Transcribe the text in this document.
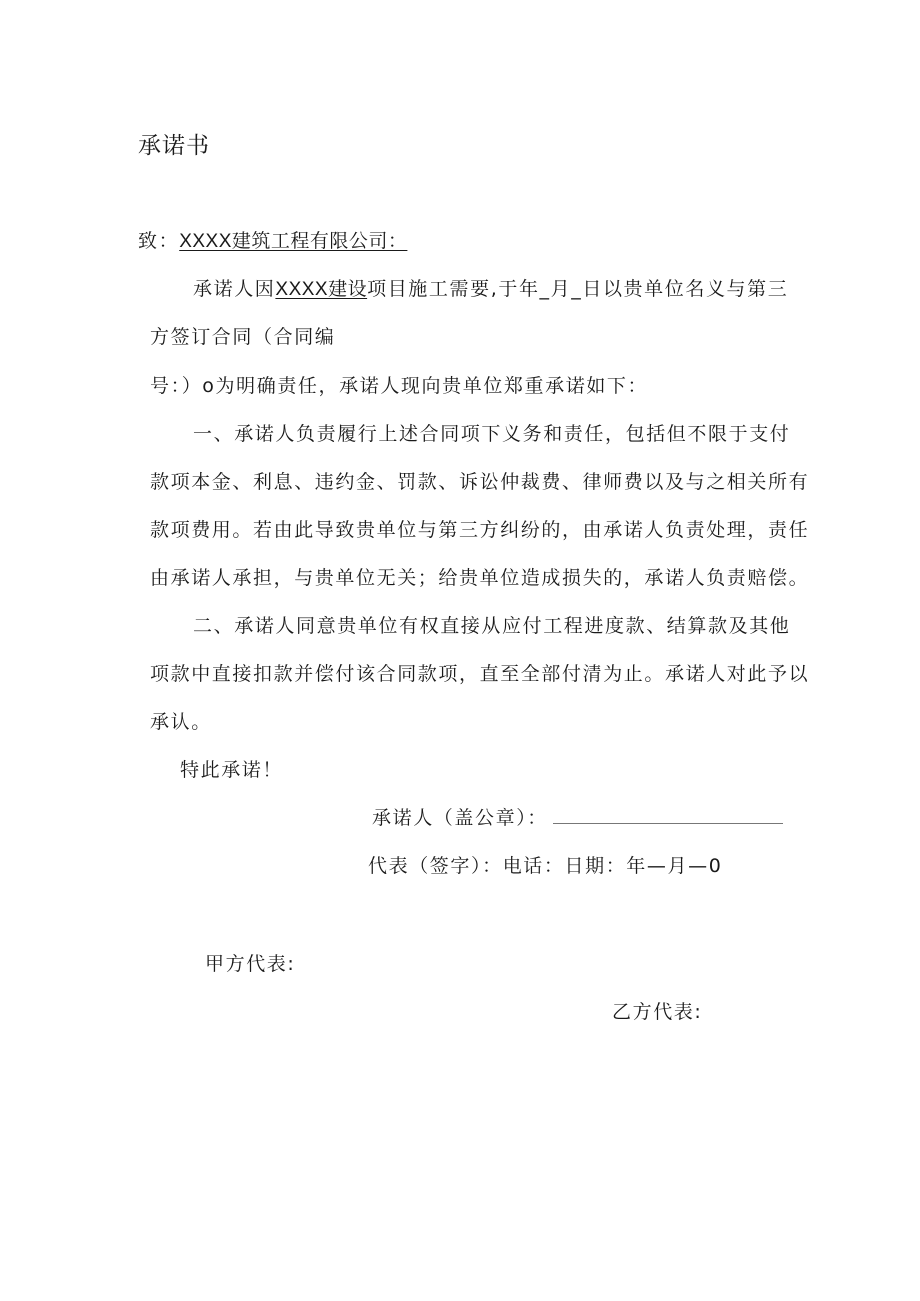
承诺书
致：XXXX建筑工程有限公司：
承诺人因XXXX建设项目施工需要,于年_月_日以贵单位名义与第三
方签订合同（合同编
号：）o为明确责任，承诺人现向贵单位郑重承诺如下：
一、承诺人负责履行上述合同项下义务和责任，包括但不限于支付
款项本金、利息、违约金、罚款、诉讼仲裁费、律师费以及与之相关所有
款项费用。若由此导致贵单位与第三方纠纷的，由承诺人负责处理，责任
由承诺人承担，与贵单位无关；给贵单位造成损失的，承诺人负责赔偿。
二、承诺人同意贵单位有权直接从应付工程进度款、结算款及其他
项款中直接扣款并偿付该合同款项，直至全部付清为止。承诺人对此予以
承认。
特此承诺！
承诺人（盖公章）：
代表（签字）：电话：日期：年—月—0
甲方代表:
乙方代表:
